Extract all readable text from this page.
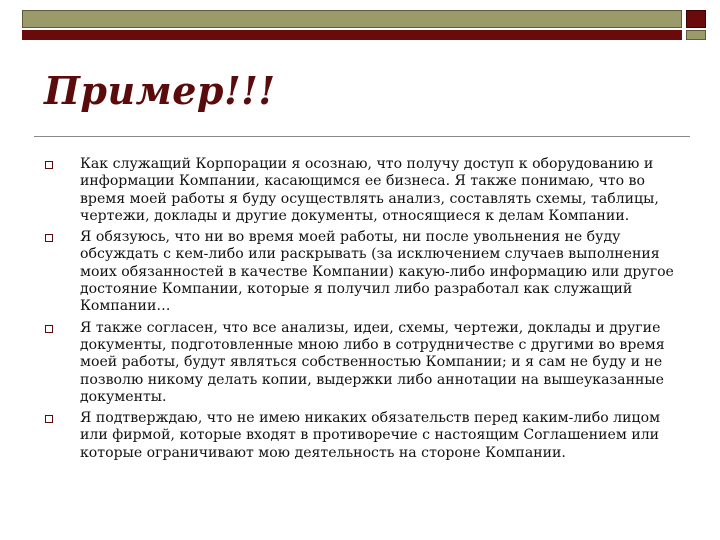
Пример!!!
Как служащий Корпорации я осознаю, что получу доступ к оборудованию и информации Компании, касающимся ее бизнеса. Я также понимаю, что во время моей работы я буду осуществлять анализ, составлять схемы, таблицы, чертежи, доклады и другие документы, относящиеся к делам Компании.
Я обязуюсь, что ни во время моей работы, ни после увольнения не буду обсуждать с кем-либо или раскрывать (за исключением случаев выполнения моих обязанностей в качестве Компании) какую-либо информацию или другое достояние Компании, которые я получил либо разработал как служащий Компании…
Я также согласен, что все анализы, идеи, схемы, чертежи, доклады и другие документы, подготовленные мною либо в сотрудничестве с другими во время моей работы, будут являться собственностью Компании; и я сам не буду и не позволю никому делать копии, выдержки либо аннотации на вышеуказанные документы.
Я подтверждаю, что не имею никаких обязательств перед каким-либо лицом или фирмой, которые входят в противоречие с настоящим Соглашением или которые ограничивают мою деятельность на стороне Компании.
